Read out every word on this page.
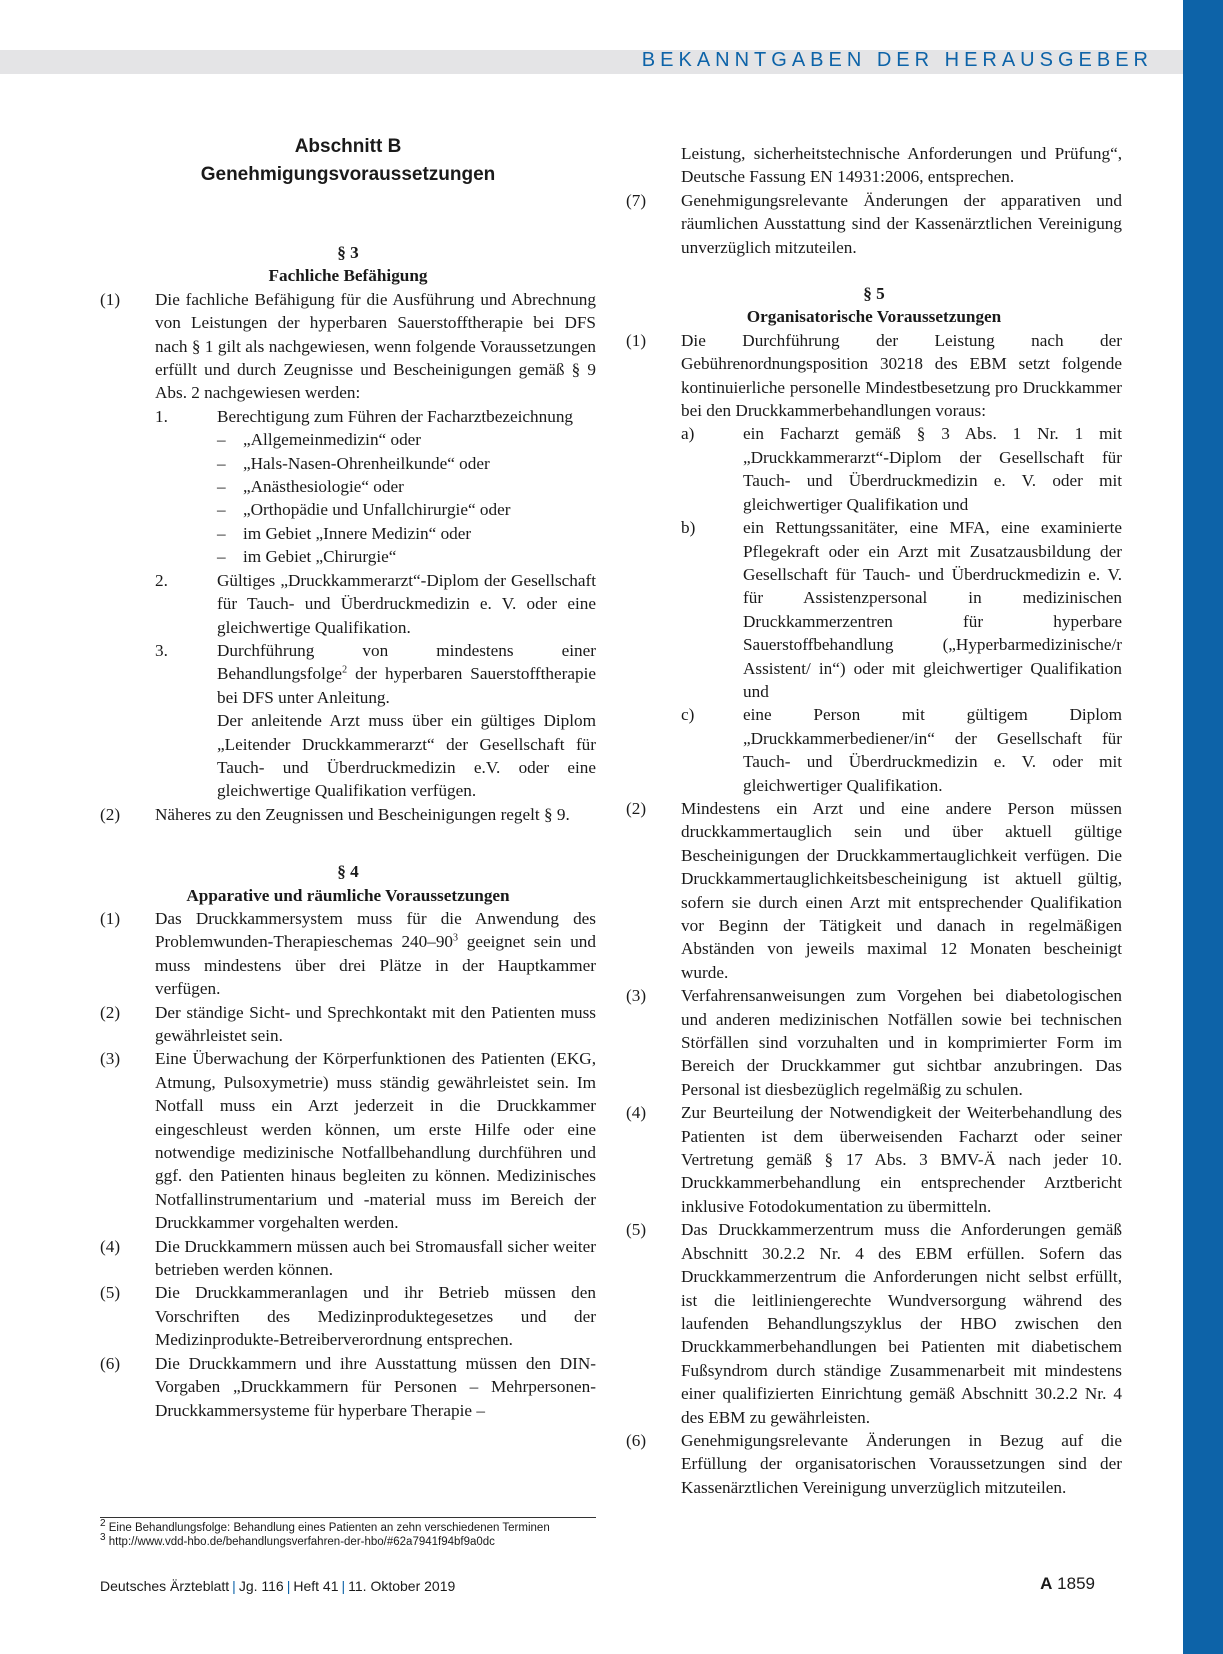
BEKANNTGABEN DER HERAUSGEBER
Abschnitt B
Genehmigungsvoraussetzungen
§ 3
Fachliche Befähigung
(1)	Die fachliche Befähigung für die Ausführung und Abrechnung von Leistungen der hyperbaren Sauerstofftherapie bei DFS nach § 1 gilt als nachgewiesen, wenn folgende Voraussetzungen erfüllt und durch Zeugnisse und Bescheinigungen gemäß § 9 Abs. 2 nachgewiesen werden:
1.	Berechtigung zum Führen der Facharztbezeichnung
–	„Allgemeinmedizin“ oder
–	„Hals-Nasen-Ohrenheilkunde“ oder
–	„Anästhesiologie“ oder
–	„Orthopädie und Unfallchirurgie“ oder
–	im Gebiet „Innere Medizin“ oder
–	im Gebiet „Chirurgie“
2.	Gültiges „Druckkammerarzt“-Diplom der Gesellschaft für Tauch- und Überdruckmedizin e. V. oder eine gleichwertige Qualifikation.
3.	Durchführung von mindestens einer Behandlungsfolge$^2$ der hyperbaren Sauerstofftherapie bei DFS unter Anleitung.
Der anleitende Arzt muss über ein gültiges Diplom „Leitender Druckkammerarzt“ der Gesellschaft für Tauch- und Überdruckmedizin e.V. oder eine gleichwertige Qualifikation verfügen.
(2)	Näheres zu den Zeugnissen und Bescheinigungen regelt § 9.
§ 4
Apparative und räumliche Voraussetzungen
(1)	Das Druckkammersystem muss für die Anwendung des Problemwunden-Therapieschemas $240-90^3$ geeignet sein und muss mindestens über drei Plätze in der Hauptkammer verfügen.
(2)	Der ständige Sicht- und Sprechkontakt mit den Patienten muss gewährleistet sein.
(3)	Eine Überwachung der Körperfunktionen des Patienten (EKG, Atmung, Pulsoxymetrie) muss ständig gewährleistet sein. Im Notfall muss ein Arzt jederzeit in die Druckkammer eingeschleust werden können, um erste Hilfe oder eine notwendige medizinische Notfallbehandlung durchführen und ggf. den Patienten hinaus begleiten zu können. Medizinisches Notfallinstrumentarium und -material muss im Bereich der Druckkammer vorgehalten werden.
(4)	Die Druckkammern müssen auch bei Stromausfall sicher weiter betrieben werden können.
(5)	Die Druckkammeranlagen und ihr Betrieb müssen den Vorschriften des Medizinproduktegesetzes und der Medizinprodukte-Betreiberverordnung entsprechen.
(6)	Die Druckkammern und ihre Ausstattung müssen den DIN-Vorgaben „Druckkammern für Personen – Mehrpersonen-Druckkammersysteme für hyperbare Therapie –
Leistung, sicherheitstechnische Anforderungen und Prüfung“, Deutsche Fassung EN 14931:2006, entsprechen.
(7)	Genehmigungsrelevante Änderungen der apparativen und räumlichen Ausstattung sind der Kassenärztlichen Vereinigung unverzüglich mitzuteilen.
§ 5
Organisatorische Voraussetzungen
(1)	Die Durchführung der Leistung nach der Gebührenordnungsposition 30218 des EBM setzt folgende kontinuierliche personelle Mindestbesetzung pro Druckkammer bei den Druckkammerbehandlungen voraus:
a)	ein Facharzt gemäß § 3 Abs. 1 Nr. 1 mit „Druckkammerarzt“-Diplom der Gesellschaft für Tauch- und Überdruckmedizin e. V. oder mit gleichwertiger Qualifikation und
b)	ein Rettungssanitäter, eine MFA, eine examinierte Pflegekraft oder ein Arzt mit Zusatzausbildung der Gesellschaft für Tauch- und Überdruckmedizin e. V. für Assistenzpersonal in medizinischen Druckkammerzentren für hyperbare Sauerstoffbehandlung („Hyperbarmedizinische/r Assistent/ in“) oder mit gleichwertiger Qualifikation und
c)	eine Person mit gültigem Diplom „Druckkammerbediener/in“ der Gesellschaft für Tauch- und Überdruckmedizin e. V. oder mit gleichwertiger Qualifikation.
(2)	Mindestens ein Arzt und eine andere Person müssen druckkammertauglich sein und über aktuell gültige Bescheinigungen der Druckkammertauglichkeit verfügen. Die Druckkammertauglichkeitsbescheinigung ist aktuell gültig, sofern sie durch einen Arzt mit entsprechender Qualifikation vor Beginn der Tätigkeit und danach in regelmäßigen Abständen von jeweils maximal 12 Monaten bescheinigt wurde.
(3)	Verfahrensanweisungen zum Vorgehen bei diabetologischen und anderen medizinischen Notfällen sowie bei technischen Störfällen sind vorzuhalten und in komprimierter Form im Bereich der Druckkammer gut sichtbar anzubringen. Das Personal ist diesbezüglich regelmäßig zu schulen.
(4)	Zur Beurteilung der Notwendigkeit der Weiterbehandlung des Patienten ist dem überweisenden Facharzt oder seiner Vertretung gemäß § 17 Abs. 3 BMV-Ä nach jeder 10. Druckkammerbehandlung ein entsprechender Arztbericht inklusive Fotodokumentation zu übermitteln.
(5)	Das Druckkammerzentrum muss die Anforderungen gemäß Abschnitt 30.2.2 Nr. 4 des EBM erfüllen. Sofern das Druckkammerzentrum die Anforderungen nicht selbst erfüllt, ist die leitliniengerechte Wundversorgung während des laufenden Behandlungszyklus der HBO zwischen den Druckkammerbehandlungen bei Patienten mit diabetischem Fußsyndrom durch ständige Zusammenarbeit mit mindestens einer qualifizierten Einrichtung gemäß Abschnitt 30.2.2 Nr. 4 des EBM zu gewährleisten.
(6)	Genehmigungsrelevante Änderungen in Bezug auf die Erfüllung der organisatorischen Voraussetzungen sind der Kassenärztlichen Vereinigung unverzüglich mitzuteilen.
$^2$ Eine Behandlungsfolge: Behandlung eines Patienten an zehn verschiedenen Terminen
$^3$ http://www.vdd-hbo.de/behandlungsverfahren-der-hbo/#62a7941f94bf9a0dc
Deutsches Ärzteblatt | Jg. 116 | Heft 41 | 11. Oktober 2019	A 1859
